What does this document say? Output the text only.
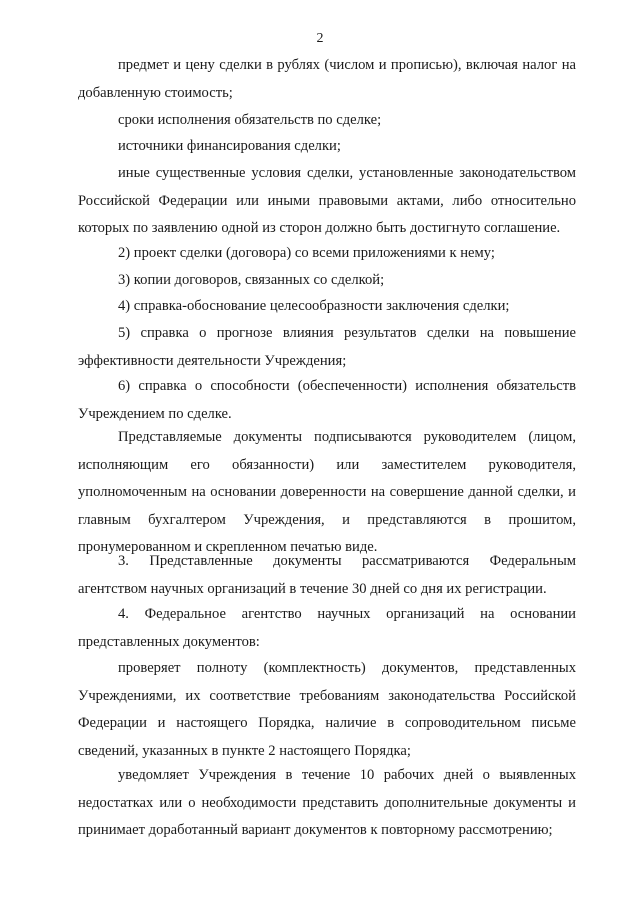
2

предмет и цену сделки в рублях (числом и прописью), включая налог на добавленную стоимость;

сроки исполнения обязательств по сделке;

источники финансирования сделки;

иные существенные условия сделки, установленные законодательством Российской Федерации или иными правовыми актами, либо относительно которых по заявлению одной из сторон должно быть достигнуто соглашение.

2) проект сделки (договора) со всеми приложениями к нему;

3) копии договоров, связанных со сделкой;

4) справка-обоснование целесообразности заключения сделки;

5) справка о прогнозе влияния результатов сделки на повышение эффективности деятельности Учреждения;

6) справка о способности (обеспеченности) исполнения обязательств Учреждением по сделке.

Представляемые документы подписываются руководителем (лицом, исполняющим его обязанности) или заместителем руководителя, уполномоченным на основании доверенности на совершение данной сделки, и главным бухгалтером Учреждения, и представляются в прошитом, пронумерованном и скрепленном печатью виде.

3. Представленные документы рассматриваются Федеральным агентством научных организаций в течение 30 дней со дня их регистрации.

4. Федеральное агентство научных организаций на основании представленных документов:

проверяет полноту (комплектность) документов, представленных Учреждениями, их соответствие требованиям законодательства Российской Федерации и настоящего Порядка, наличие в сопроводительном письме сведений, указанных в пункте 2 настоящего Порядка;

уведомляет Учреждения в течение 10 рабочих дней о выявленных недостатках или о необходимости представить дополнительные документы и принимает доработанный вариант документов к повторному рассмотрению;
